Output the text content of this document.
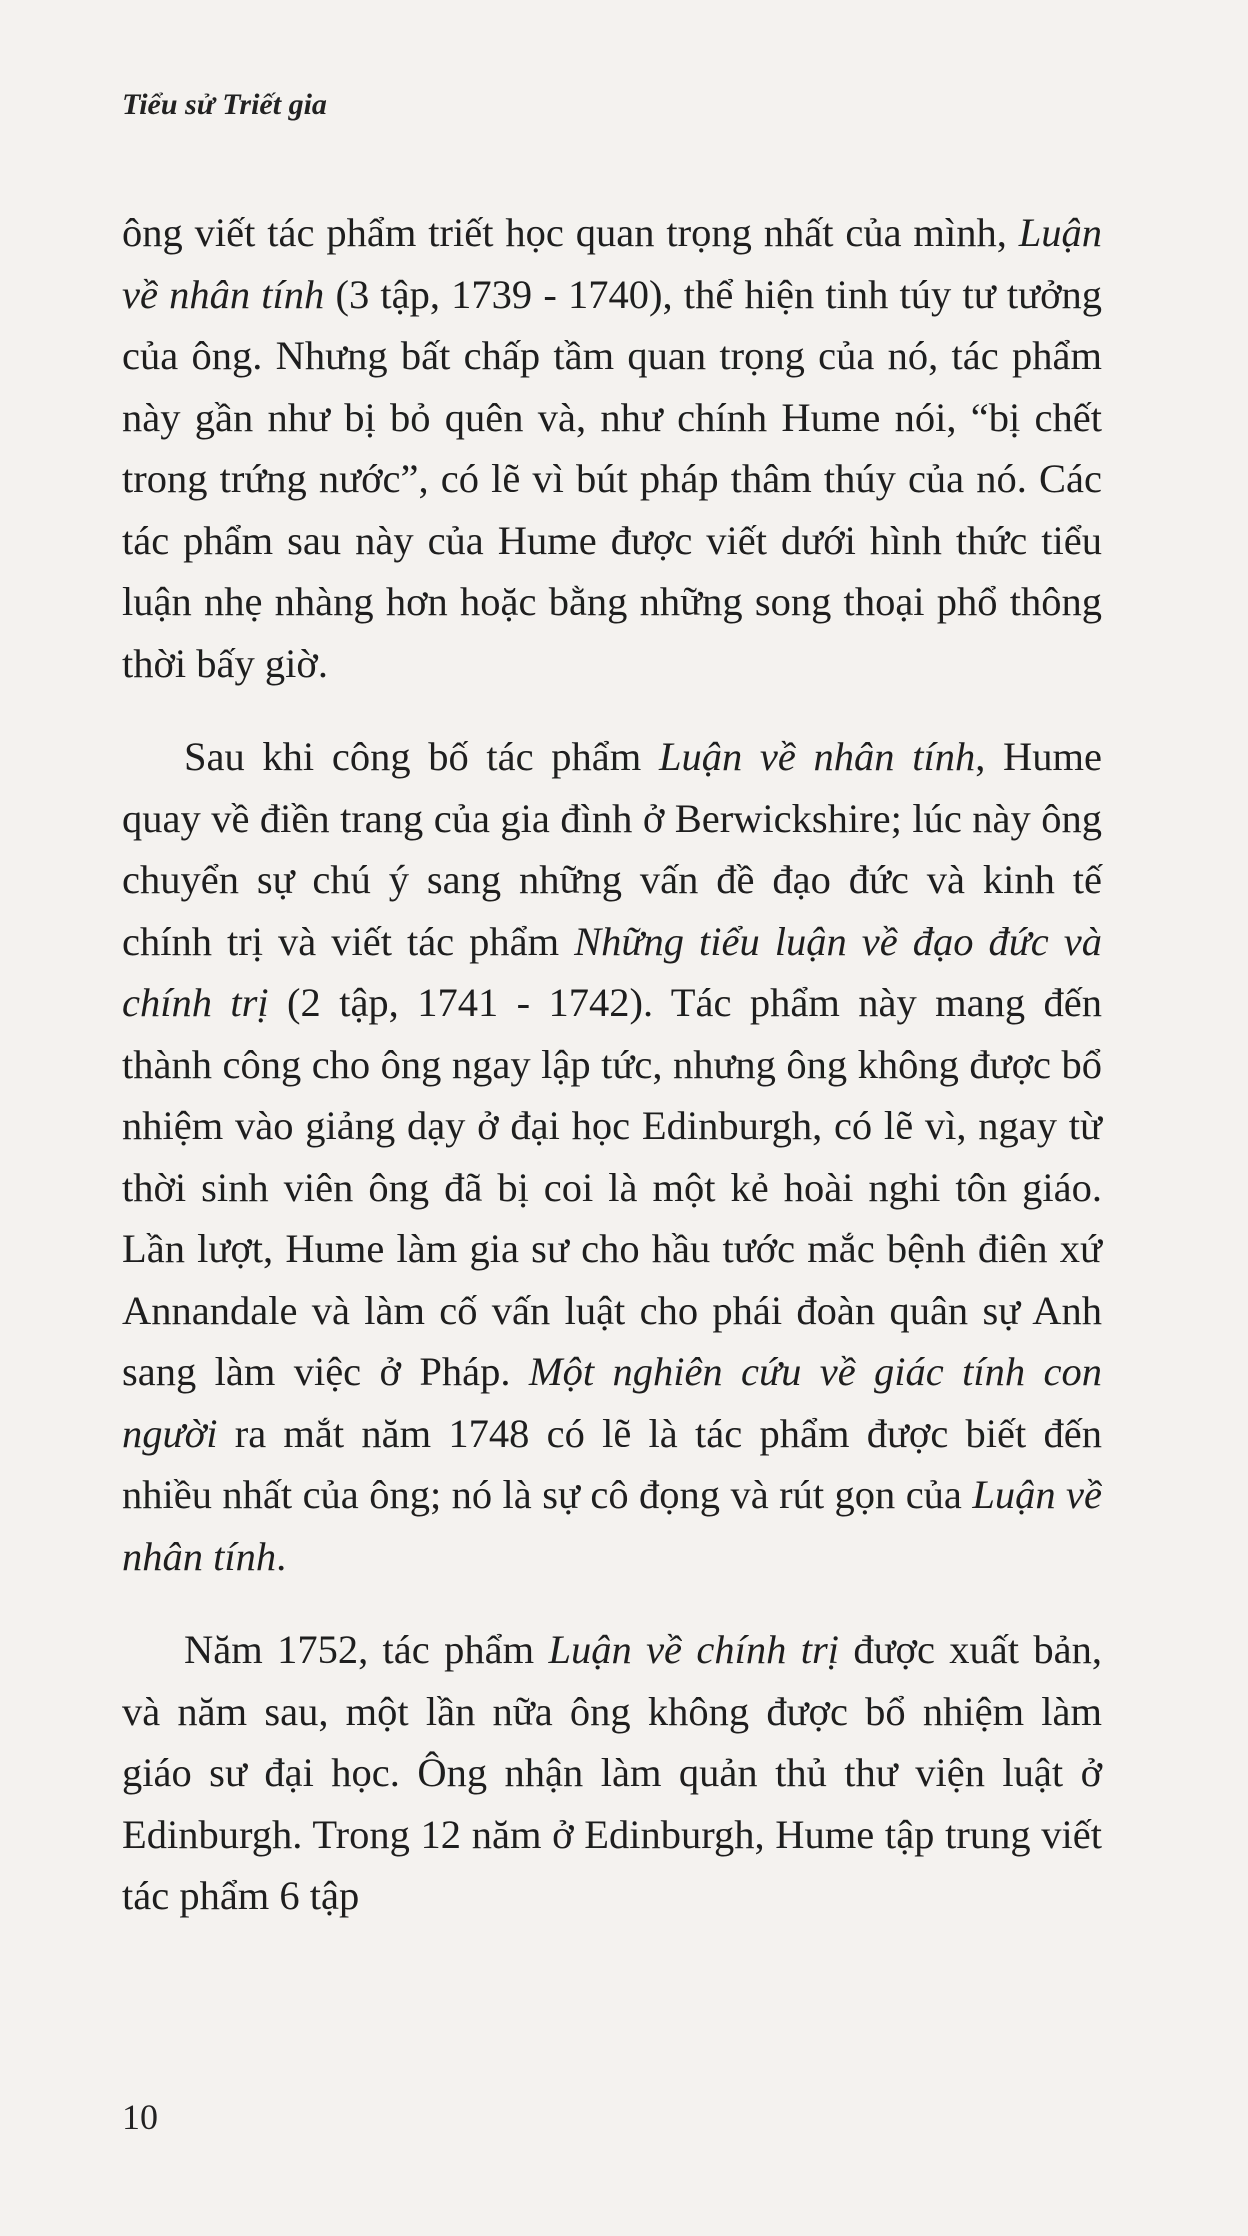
Tiểu sử Triết gia

ông viết tác phẩm triết học quan trọng nhất của mình, Luận về nhân tính (3 tập, 1739 - 1740), thể hiện tinh túy tư tưởng của ông. Nhưng bất chấp tầm quan trọng của nó, tác phẩm này gần như bị bỏ quên và, như chính Hume nói, “bị chết trong trứng nước”, có lẽ vì bút pháp thâm thúy của nó. Các tác phẩm sau này của Hume được viết dưới hình thức tiểu luận nhẹ nhàng hơn hoặc bằng những song thoại phổ thông thời bấy giờ.

Sau khi công bố tác phẩm Luận về nhân tính, Hume quay về điền trang của gia đình ở Berwickshire; lúc này ông chuyển sự chú ý sang những vấn đề đạo đức và kinh tế chính trị và viết tác phẩm Những tiểu luận về đạo đức và chính trị (2 tập, 1741 - 1742). Tác phẩm này mang đến thành công cho ông ngay lập tức, nhưng ông không được bổ nhiệm vào giảng dạy ở đại học Edinburgh, có lẽ vì, ngay từ thời sinh viên ông đã bị coi là một kẻ hoài nghi tôn giáo. Lần lượt, Hume làm gia sư cho hầu tước mắc bệnh điên xứ Annandale và làm cố vấn luật cho phái đoàn quân sự Anh sang làm việc ở Pháp. Một nghiên cứu về giác tính con người ra mắt năm 1748 có lẽ là tác phẩm được biết đến nhiều nhất của ông; nó là sự cô đọng và rút gọn của Luận về nhân tính.

Năm 1752, tác phẩm Luận về chính trị được xuất bản, và năm sau, một lần nữa ông không được bổ nhiệm làm giáo sư đại học. Ông nhận làm quản thủ thư viện luật ở Edinburgh. Trong 12 năm ở Edinburgh, Hume tập trung viết tác phẩm 6 tập

10
